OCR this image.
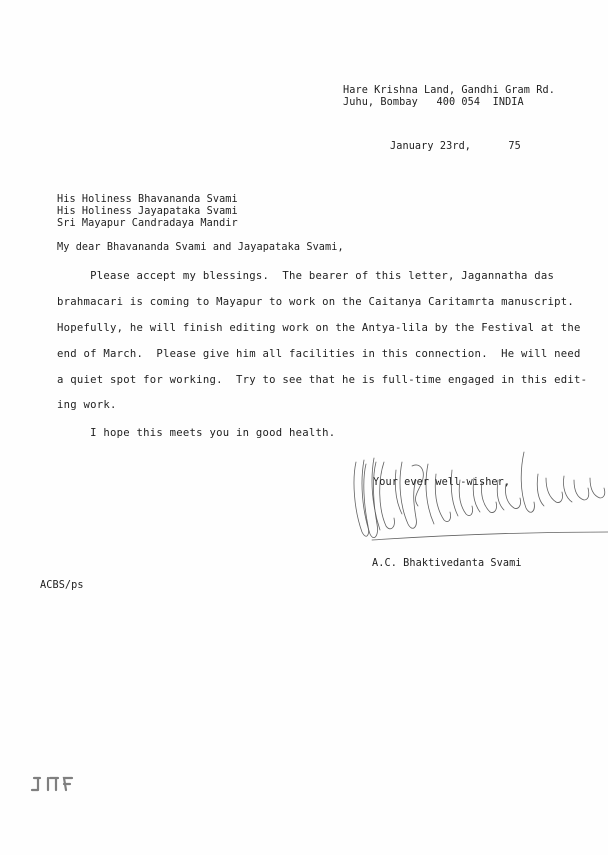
Hare Krishna Land, Gandhi Gram Rd.
Juhu, Bombay   400 054  INDIA
January 23rd,      75
His Holiness Bhavananda Svami
His Holiness Jayapataka Svami
Sri Mayapur Candradaya Mandir
My dear Bhavananda Svami and Jayapataka Svami,
Please accept my blessings.  The bearer of this letter, Jagannatha das
brahmacari is coming to Mayapur to work on the Caitanya Caritamrta manuscript.
Hopefully, he will finish editing work on the Antya-lila by the Festival at the
end of March.  Please give him all facilities in this connection.  He will need
a quiet spot for working.  Try to see that he is full-time engaged in this edit-
ing work.
I hope this meets you in good health.
Your ever well-wisher,
A.C. Bhaktivedanta Svami
ACBS/ps
